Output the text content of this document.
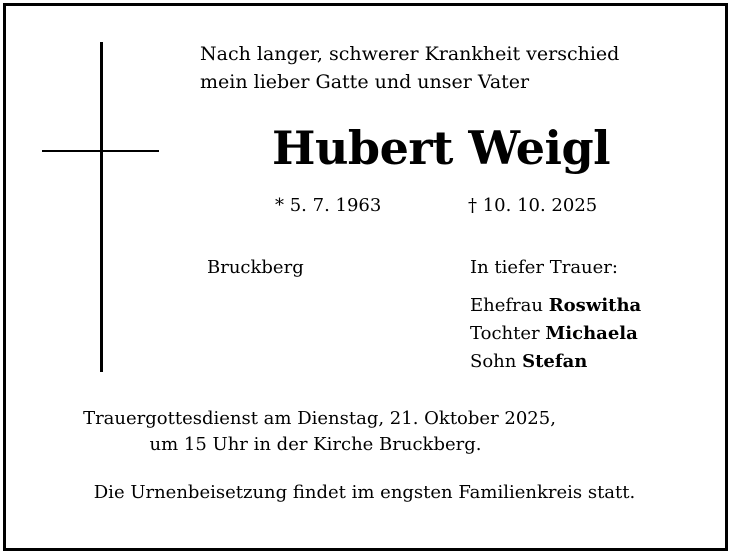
Nach langer, schwerer Krankheit verschied
mein lieber Gatte und unser Vater
Hubert Weigl
* 5. 7. 1963	† 10. 10. 2025
Bruckberg	In tiefer Trauer:
Ehefrau Roswitha
Tochter Michaela
Sohn Stefan
Trauergottesdienst am Dienstag, 21. Oktober 2025,
um 15 Uhr in der Kirche Bruckberg.
Die Urnenbeisetzung findet im engsten Familienkreis statt.
